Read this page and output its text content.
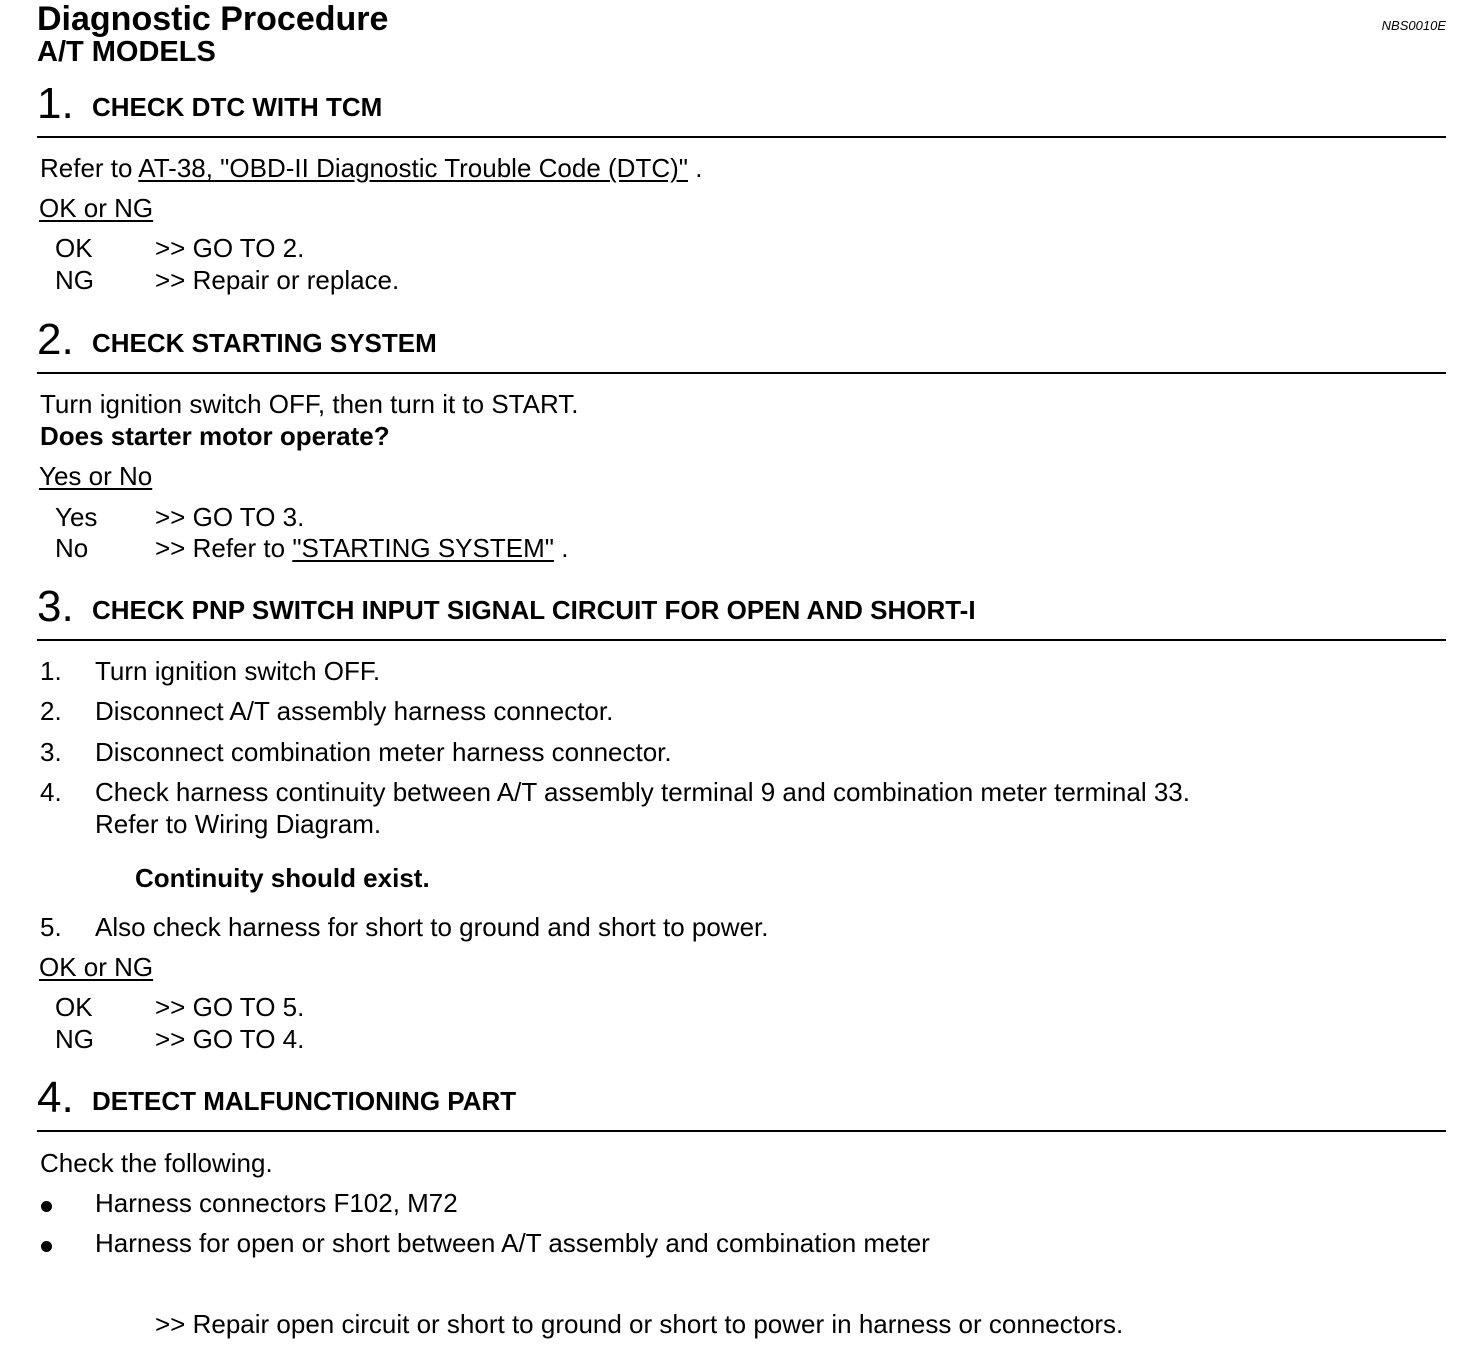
Diagnostic Procedure
A/T MODELS
NBS0010E
1. CHECK DTC WITH TCM
Refer to AT-38, "OBD-II Diagnostic Trouble Code (DTC)" .
OK or NG
OK >> GO TO 2.
NG >> Repair or replace.
2. CHECK STARTING SYSTEM
Turn ignition switch OFF, then turn it to START.
Does starter motor operate?
Yes or No
Yes >> GO TO 3.
No	>> Refer to "STARTING SYSTEM" .
3. CHECK PNP SWITCH INPUT SIGNAL CIRCUIT FOR OPEN AND SHORT-I
1. Turn ignition switch OFF.
2. Disconnect A/T assembly harness connector.
3. Disconnect combination meter harness connector.
4. Check harness continuity between A/T assembly terminal 9 and combination meter terminal 33.
Refer to Wiring Diagram.
Continuity should exist.
5. Also check harness for short to ground and short to power.
OK or NG
OK >> GO TO 5.
NG >> GO TO 4.
4. DETECT MALFUNCTIONING PART
Check the following.
Harness connectors F102, M72
Harness for open or short between A/T assembly and combination meter
>> Repair open circuit or short to ground or short to power in harness or connectors.
